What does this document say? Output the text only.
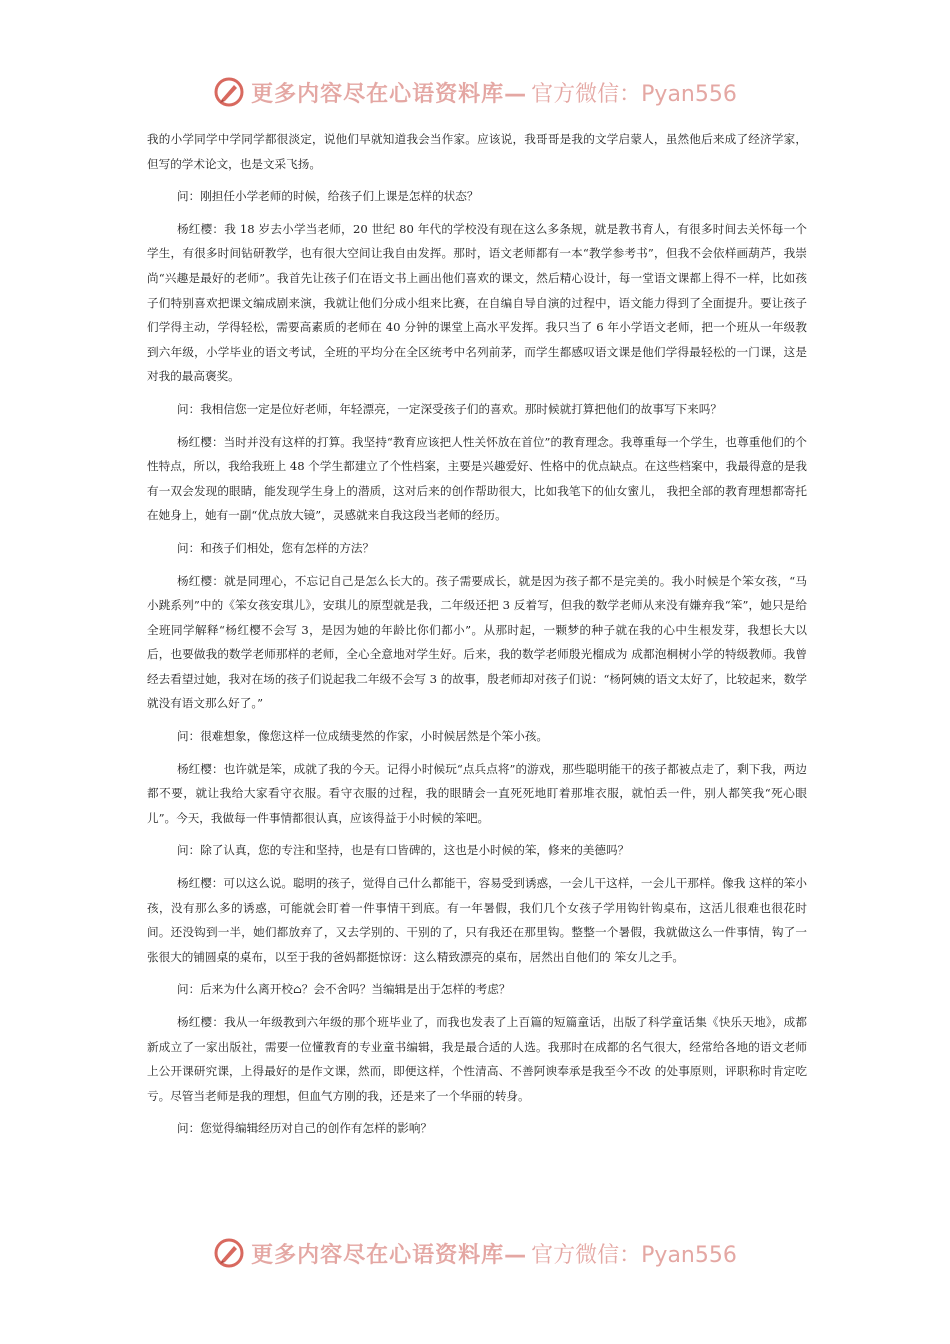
更多内容尽在心语资料库— 官方微信：Pyan556

我的小学同学中学同学都很淡定，说他们早就知道我会当作家。应该说，我哥哥是我的文学启蒙人，虽然他后来成了经济学家，但写的学术论文，也是文采飞扬。

问：刚担任小学老师的时候，给孩子们上课是怎样的状态？

杨红樱：我 18 岁去小学当老师，20 世纪 80 年代的学校没有现在这么多条规，就是教书育人，有很多时间去关怀每一个学生，有很多时间钻研教学，也有很大空间让我自由发挥。那时，语文老师都有一本“教学参考书”，但我不会依样画葫芦，我崇尚“兴趣是最好的老师”。我首先让孩子们在语文书上画出他们喜欢的课文，然后精心设计，每一堂语文课都上得不一样，比如孩子们特别喜欢把课文编成剧来演，我就让他们分成小组来比赛，在自编自导自演的过程中，语文能力得到了全面提升。要让孩子们学得主动，学得轻松，需要高素质的老师在 40 分钟的课堂上高水平发挥。我只当了 6 年小学语文老师，把一个班从一年级教到六年级，小学毕业的语文考试，全班的平均分在全区统考中名列前茅，而学生都感叹语文课是他们学得最轻松的一门课，这是对我的最高褒奖。

问：我相信您一定是位好老师，年轻漂亮，一定深受孩子们的喜欢。那时候就打算把他们的故事写下来吗？

杨红樱：当时并没有这样的打算。我坚持“教育应该把人性关怀放在首位”的教育理念。我尊重每一个学生，也尊重他们的个性特点，所以，我给我班上 48 个学生都建立了个性档案，主要是兴趣爱好、性格中的优点缺点。在这些档案中，我最得意的是我有一双会发现的眼睛，能发现学生身上的潜质，这对后来的创作帮助很大，比如我笔下的仙女蜜儿， 我把全部的教育理想都寄托在她身上，她有一副“优点放大镜”，灵感就来自我这段当老师的经历。

问：和孩子们相处，您有怎样的方法？

杨红樱：就是同理心，不忘记自己是怎么长大的。孩子需要成长，就是因为孩子都不是完美的。我小时候是个笨女孩，“马小跳系列”中的《笨女孩安琪儿》，安琪儿的原型就是我，二年级还把 3 反着写，但我的数学老师从来没有嫌弃我“笨”，她只是给全班同学解释“杨红樱不会写 3，是因为她的年龄比你们都小”。从那时起，一颗梦的种子就在我的心中生根发芽，我想长大以后，也要做我的数学老师那样的老师，全心全意地对学生好。后来，我的数学老师殷光榴成为 成都泡桐树小学的特级教师。我曾经去看望过她，我对在场的孩子们说起我二年级不会写 3 的故事，殷老师却对孩子们说：“杨阿姨的语文太好了，比较起来，数学就没有语文那么好了。”

问：很难想象，像您这样一位成绩斐然的作家，小时候居然是个笨小孩。

杨红樱：也许就是笨，成就了我的今天。记得小时候玩“点兵点将”的游戏，那些聪明能干的孩子都被点走了，剩下我，两边都不要，就让我给大家看守衣服。看守衣服的过程，我的眼睛会一直死死地盯着那堆衣服，就怕丢一件，别人都笑我“死心眼儿”。今天，我做每一件事情都很认真，应该得益于小时候的笨吧。

问：除了认真，您的专注和坚持，也是有口皆碑的，这也是小时候的笨，修来的美德吗？

杨红樱：可以这么说。聪明的孩子，觉得自己什么都能干，容易受到诱惑，一会儿干这样，一会儿干那样。像我 这样的笨小孩，没有那么多的诱惑，可能就会盯着一件事情干到底。有一年暑假，我们几个女孩子学用钩针钩桌布，这活儿很难也很花时间。还没钩到一半，她们都放弃了，又去学别的、干别的了，只有我还在那里钩。整整一个暑假，我就做这么一件事情，钩了一张很大的铺圆桌的桌布，以至于我的爸妈都挺惊讶：这么精致漂亮的桌布，居然出自他们的 笨女儿之手。

问：后来为什么离开校⌂？会不舍吗？当编辑是出于怎样的考虑？

杨红樱：我从一年级教到六年级的那个班毕业了，而我也发表了上百篇的短篇童话，出版了科学童话集《快乐天地》，成都新成立了一家出版社，需要一位懂教育的专业童书编辑，我是最合适的人选。我那时在成都的名气很大，经常给各地的语文老师上公开课研究课，上得最好的是作文课，然而，即便这样，个性清高、不善阿谀奉承是我至今不改 的处事原则，评职称时肯定吃亏。尽管当老师是我的理想，但血气方刚的我，还是来了一个华丽的转身。

问：您觉得编辑经历对自己的创作有怎样的影响？

更多内容尽在心语资料库— 官方微信：Pyan556
